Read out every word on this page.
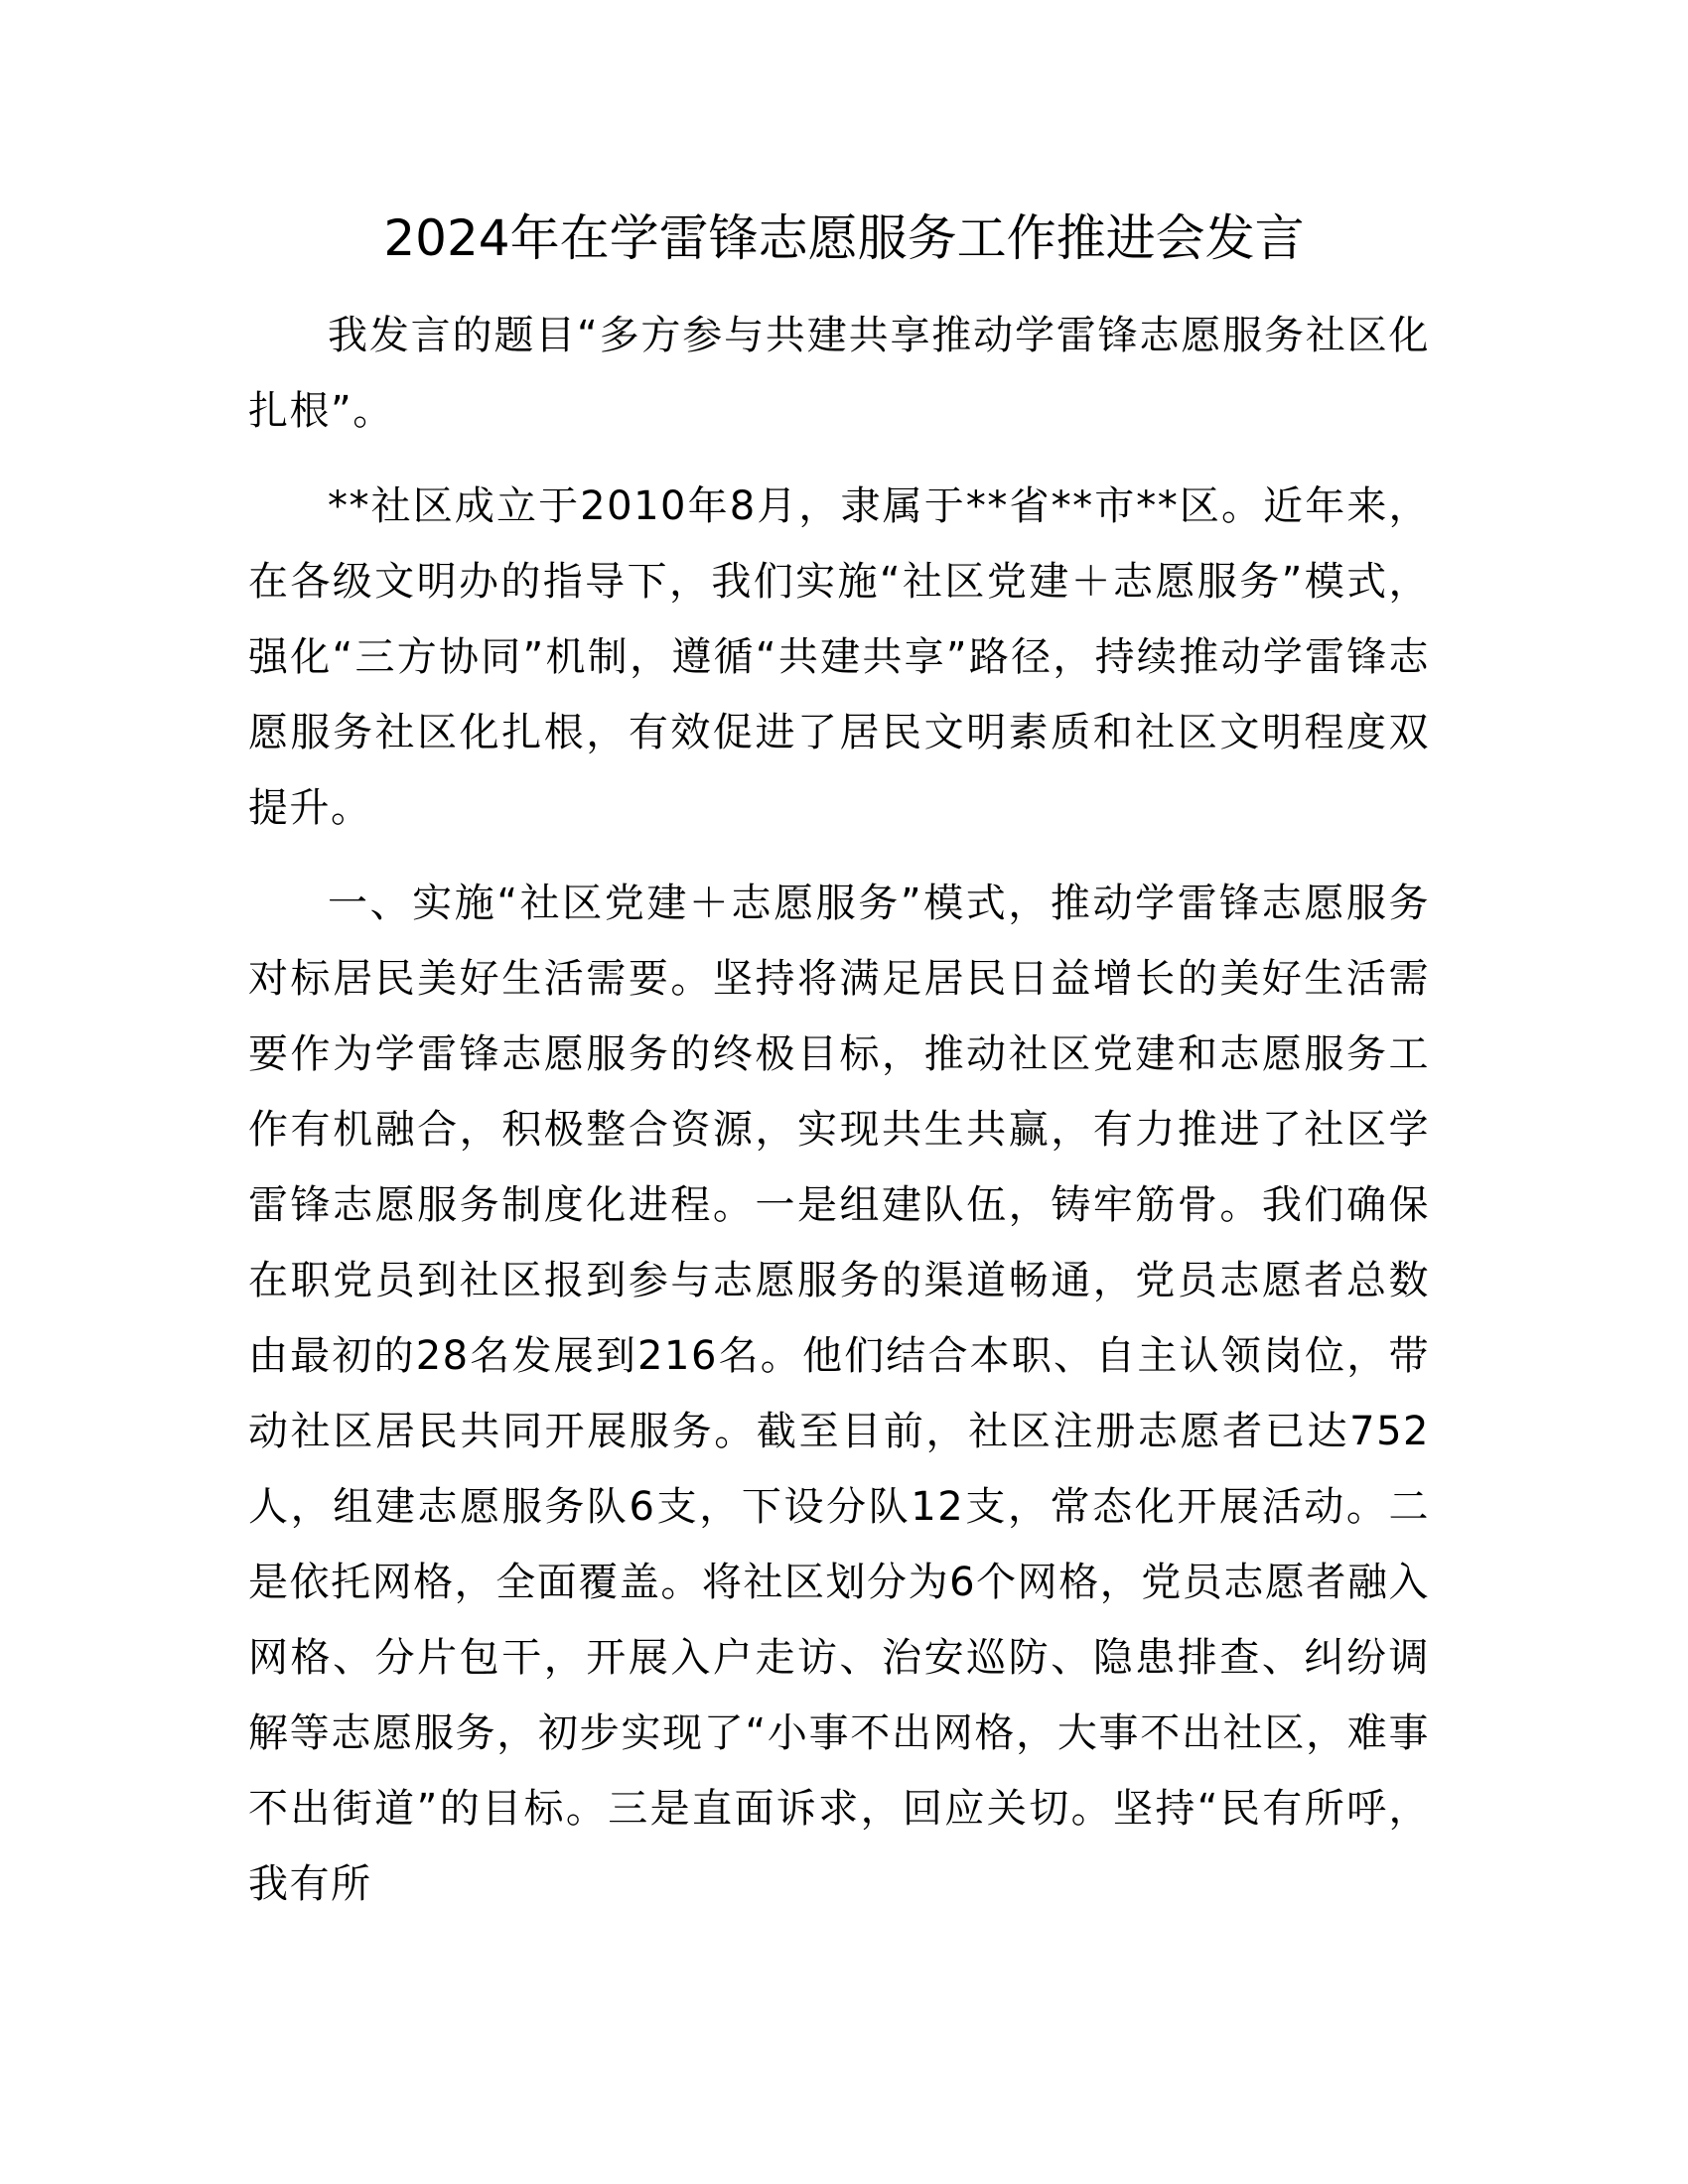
2024年在学雷锋志愿服务工作推进会发言

我发言的题目“多方参与共建共享推动学雷锋志愿服务社区化扎根”。

**社区成立于2010年8月，隶属于**省**市**区。近年来，在各级文明办的指导下，我们实施“社区党建＋志愿服务”模式，强化“三方协同”机制，遵循“共建共享”路径，持续推动学雷锋志愿服务社区化扎根，有效促进了居民文明素质和社区文明程度双提升。

一、实施“社区党建＋志愿服务”模式，推动学雷锋志愿服务对标居民美好生活需要。坚持将满足居民日益增长的美好生活需要作为学雷锋志愿服务的终极目标，推动社区党建和志愿服务工作有机融合，积极整合资源，实现共生共赢，有力推进了社区学雷锋志愿服务制度化进程。一是组建队伍，铸牢筋骨。我们确保在职党员到社区报到参与志愿服务的渠道畅通，党员志愿者总数由最初的28名发展到216名。他们结合本职、自主认领岗位，带动社区居民共同开展服务。截至目前，社区注册志愿者已达752人，组建志愿服务队6支，下设分队12支，常态化开展活动。二是依托网格，全面覆盖。将社区划分为6个网格，党员志愿者融入网格、分片包干，开展入户走访、治安巡防、隐患排查、纠纷调解等志愿服务，初步实现了“小事不出网格，大事不出社区，难事不出街道”的目标。三是直面诉求，回应关切。坚持“民有所呼，我有所
